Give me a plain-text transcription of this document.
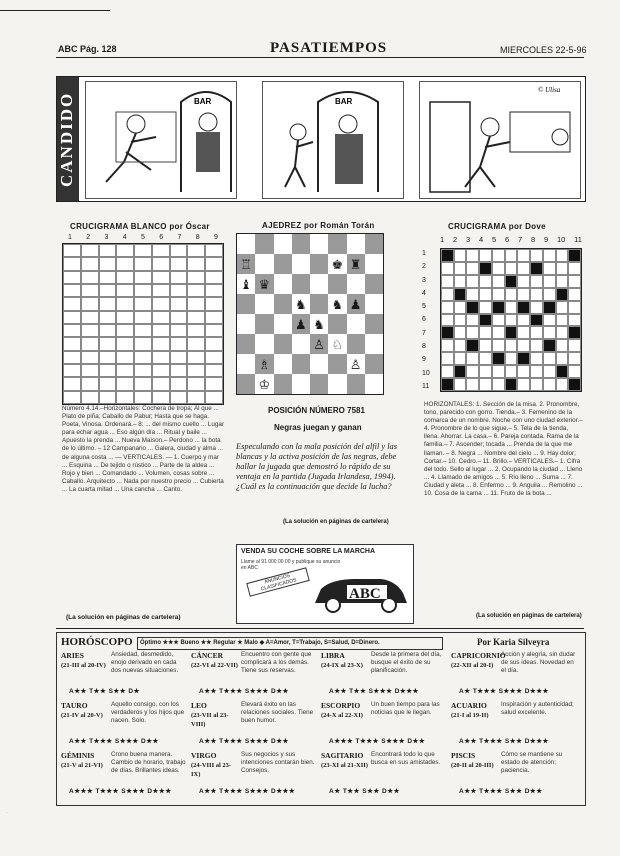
ABC Pág. 128	PASATIEMPOS	MIERCOLES 22-5-96
CANDIDO	BAR	BAR
© Ulisa
CRUCIGRAMA BLANCO por Óscar
1 2 3 4 5 6 7 8 9
Número 4.14.–Horizontales: Cochera de tropa; Al que ... Plato de piña; Caballo de Pabur; Hasta que se haga. Poeta, Vinosa. Ordenará.– 8: ... del mismo cuello ... Lugar para echar agua ... Eso algún día ... Ritual y baile ... Apuesto la prenda ... Nueva Maison.– Perdono ... la bota de lo último. – 12 Campanario ... Galera, ciudad y alma ... de alguna costa ... — VERTICALES. — 1. Cuerpo y mar ... Esquina ... De tejido o rústico ... Parte de la aldea ... Rojo y bien ... Comandado ... Volumen, cosas sobre ... Caballo. Arquitecto ... Nada por nuestro precio ... Cubierta ... La cuarta mitad ... Una cancha ... Canto.
(La solución en páginas de cartelera)
AJEDREZ por Román Torán
♖	♚ ♜
♝ ♛
♞ ♞ ♟
♟ ♞
♙ ♘
♗	♙
♔
POSICIÓN NÚMERO 7581
Negras juegan y ganan
Especulando con la mala posición del alfil y las blancas y la activa posición de las negras, debe hallar la jugada que demostró lo rápido de su ventaja en la partida (Jugada Irlandesa, 1994). ¿Cuál es la continuación que decide la lucha?
(La solución en páginas de cartelera)
VENDA SU COCHE SOBRE LA MARCHA
Llame al 91 000 00 00 y publique su anuncio en ABC
ANUNCIOS CLASIFICADOS
ABC
CLASIFICADOS
CRUCIGRAMA por Dove
1 2 3 4 5 6 7 8 9 10 11
1
2
3
4
5
6
7
8
9
10
11
HORIZONTALES: 1. Sección de la misa. 2. Pronombre, tono, parecido con gorro. Tienda.– 3. Femenino de la comarca de un nombre. Noche con uno ciudad exterior.– 4. Pronombre de lo que sigue.– 5. Tela de la tienda, llena. Ahorrar. La casa.– 6. Pareja contada. Rama de la familia.– 7. Ascender; tocada ... Prenda de la que me llaman. – 8. Negra ... Nombre del cielo ... 9. Hay dolor; Cortar.– 10. Cedro.– 11. Brillo.– VERTICALES.– 1. Cifra del todo. Sello al lugar ... 2. Ocupando la ciudad ... Lleno ... 4. Llamado de amigos ... 5. Río lleno ... Suma ... 7. Ciudad y aleta ... 8. Enfermo ... 9. Anguila ... Remolino ... 10. Cosa de la cama ... 11. Fruto de la bota ...
(La solución en páginas de cartelera)
HORÓSCOPO	Óptimo ★★★ Bueno ★★ Regular ★ Malo ◆ A=Amor, T=Trabajo, S=Salud, D=Dinero.	Por Karia Silveyra
ARIES
(21-III al 20-IV)
Ansiedad, desmedido, enojo derivado en cada dos nuevas situaciones.
A★★ T★★ S★★ D★
TAURO
(21-IV al 20-V)
Aquello consigo, con los verdaderos y los hijos que nacen. Solo.
A★★ T★★★ S★★★ D★★
GÉMINIS
(21-V al 21-VI)
Crono buena manera. Cambio de horario, trabajo de días. Brillantes ideas.
A★★★ T★★★ S★★★ D★★★
CÁNCER
(22-VI al 22-VII)
Encuentro con gente que complicará a los demás. Tiene sus reservas.
A★★ T★★★ S★★★ D★★
LEO
(23-VII al 23-VIII)
Elevará éxito en las relaciones sociales. Tiene buen humor.
A★★ T★★★ S★★★ D★★
VIRGO
(24-VIII al 23-IX)
Sus negocios y sus intenciones contarán bien. Consejos.
A★★ T★★★ S★★★ D★★★
LIBRA
(24-IX al 23-X)
Desde la primera del día, busque el éxito de su planificación.
A★★ T★★ S★★★ D★★★
ESCORPIO
(24-X al 22-XI)
Un buen tiempo para las noticias que le llegan.
A★★★ T★★★ S★★★ D★★
SAGITARIO
(23-XI al 21-XII)
Encontrará todo lo que busca en sus amistades.
A★ T★★ S★★ D★★
CAPRICORNIO
(22-XII al 20-I)
Acción y alegría, sin dudar de sus ideas. Novedad en el día.
A★ T★★★ S★★★ D★★★
ACUARIO
(21-I al 19-II)
Inspiración y autenticidad; salud excelente.
A★★ T★★★ S★★ D★★★
PISCIS
(20-II al 20-III)
Cómo se mantiene su estado de atención; paciencia.
A★★ T★★★ S★★ D★★
·
